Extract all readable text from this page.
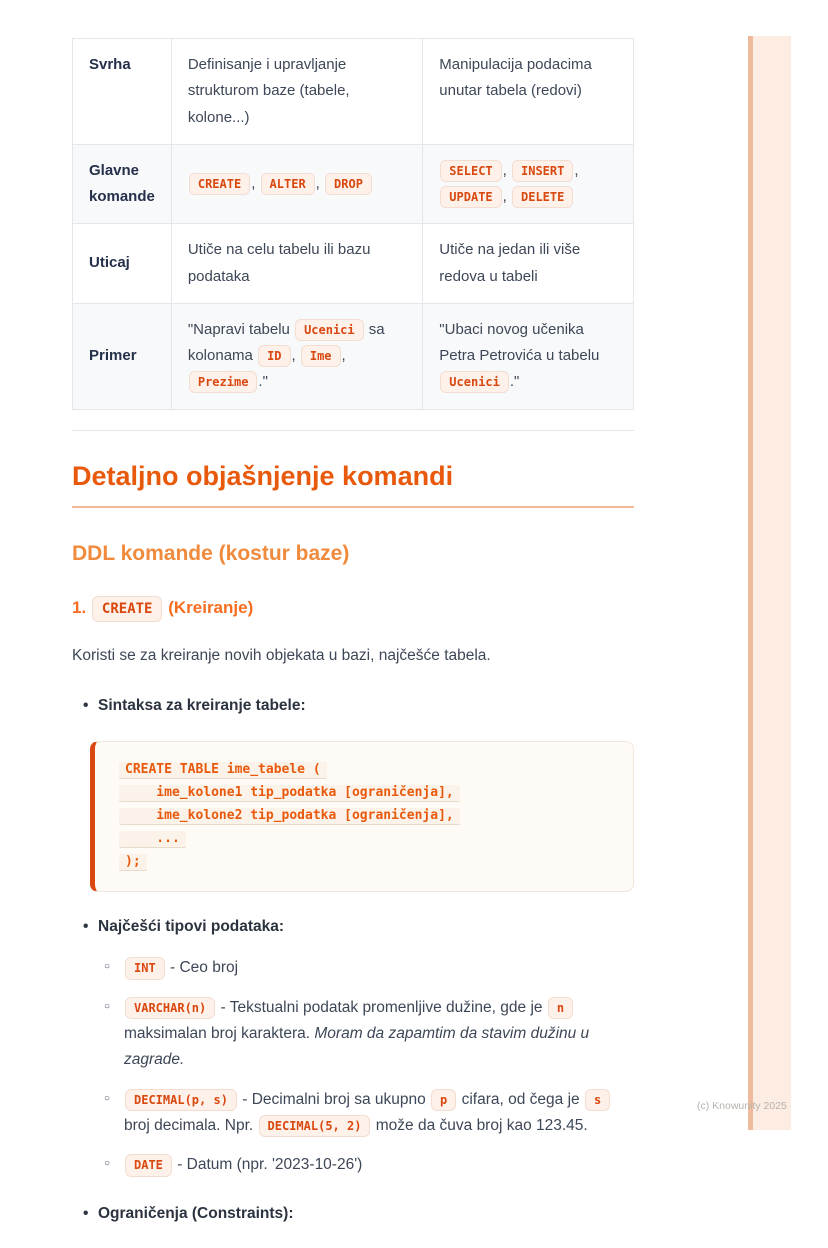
(c) Knowunity 2025
Svrha	Definisanje i upravljanje strukturom baze (tabele, kolone...)	Manipulacija podacima unutar tabela (redovi)
Glavne komande	CREATE , ALTER , DROP	SELECT , INSERT , UPDATE , DELETE
Uticaj	Utiče na celu tabelu ili bazu podataka	Utiče na jedan ili više redova u tabeli
Primer	"Napravi tabelu Ucenici sa kolonama ID , Ime , Prezime ."	"Ubaci novog učenika Petra Petrovića u tabelu Ucenici ."
Detaljno objašnjenje komandi
DDL komande (kostur baze)
1. CREATE (Kreiranje)

Koristi se za kreiranje novih objekata u bazi, najčešće tabela.

• Sintaksa za kreiranje tabele:
CREATE TABLE ime_tabele (
ime_kolone1 tip_podatka [ograničenja],
ime_kolone2 tip_podatka [ograničenja],
...
);
• Najčešći tipovi podataka:
○ INT - Ceo broj
○ VARCHAR(n) - Tekstualni podatak promenljive dužine, gde je n maksimalan broj karaktera. Moram da zapamtim da stavim dužinu u zagrade.
○ DECIMAL(p, s) - Decimalni broj sa ukupno p cifara, od čega je s broj decimala. Npr. DECIMAL(5, 2) može da čuva broj kao 123.45.
○ DATE - Datum (npr. '2023-10-26')
• Ograničenja (Constraints):
